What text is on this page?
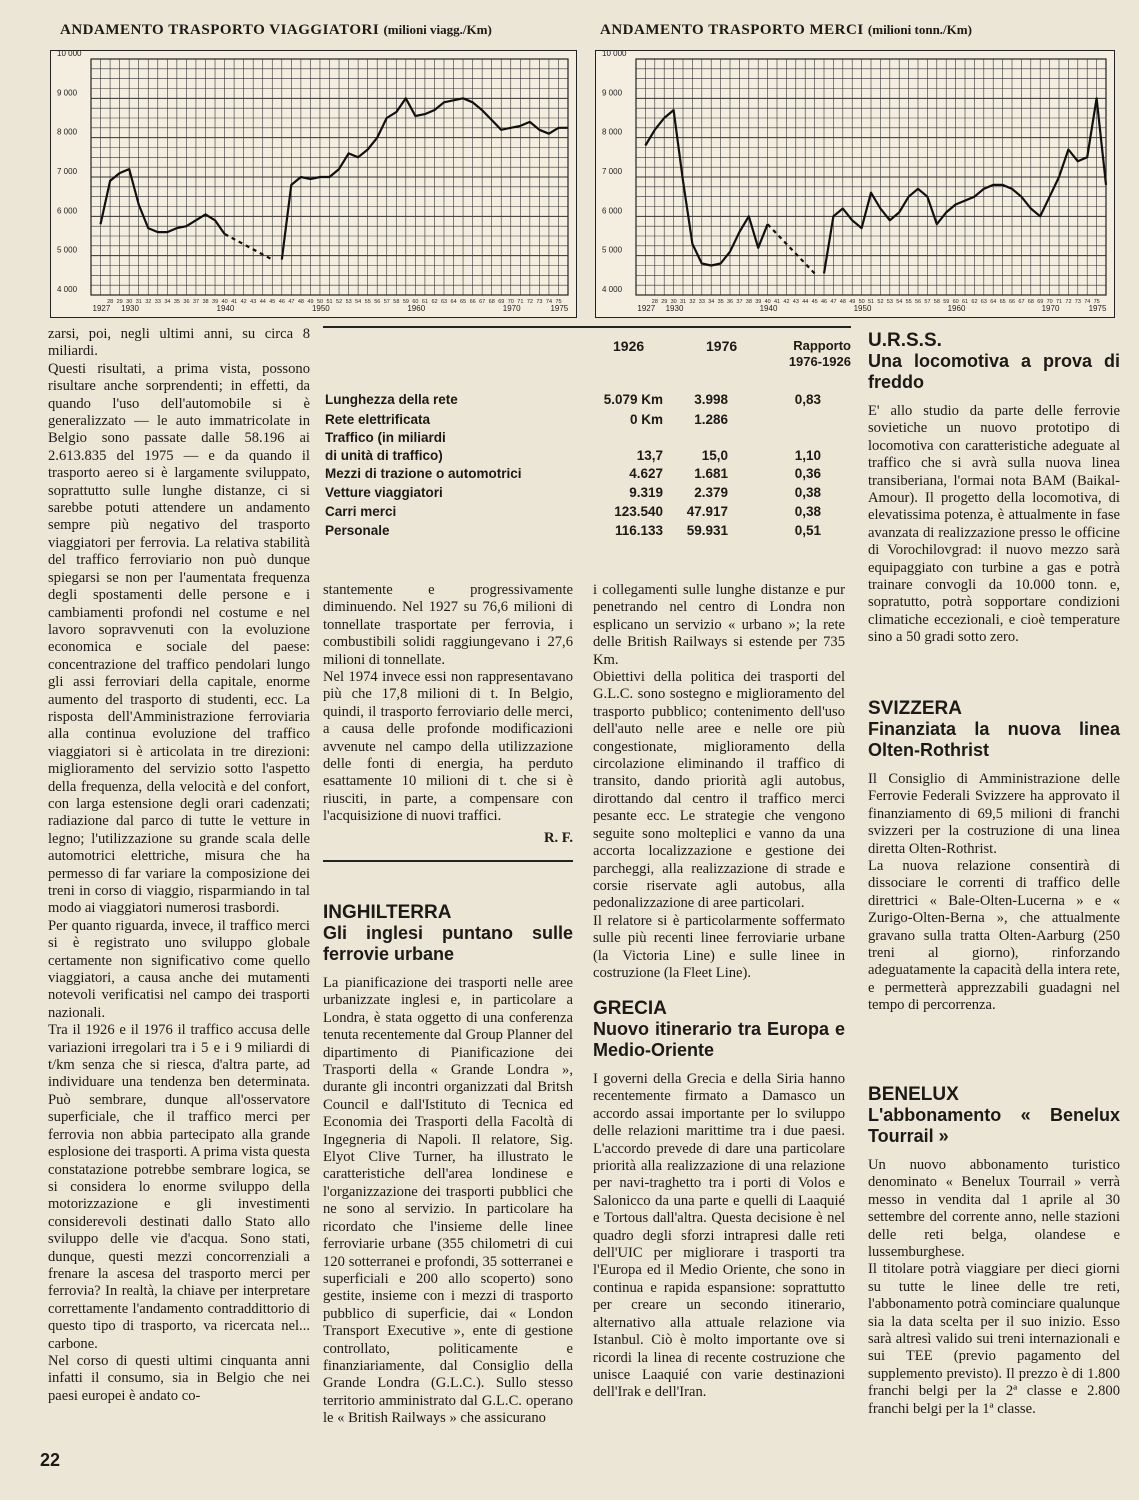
ANDAMENTO TRASPORTO VIAGGIATORI (milioni viagg./Km)	ANDAMENTO TRASPORTO MERCI (milioni tonn./Km)
10 000
9 000
8 000
7 000
6 000
5 000
4 000
1927 1930	1940	1950	1960	1970	1975
28 29 30 31 32 33 34 35 36 37 38 39 40 41 42 43 44 45 46 47 48 49 50 51 52 53 54 55 56 57 58 59 60 61 62 63 64 65 66 67 68 69 70 71 72 73 74 75
10 000
9 000
8 000
7 000
6 000
5 000
4 000
1927 1930	1940	1950	1960	1970	1975
28 29 30 31 32 33 34 35 36 37 38 39 40 41 42 43 44 45 46 47 48 49 50 51 52 53 54 55 56 57 58 59 60 61 62 63 64 65 66 67 68 69 70 71 72 73 74 75

zarsi, poi, negli ultimi anni, su circa 8 miliardi.

Questi risultati, a prima vista, possono risultare anche sorprendenti; in effetti, da quando l'uso dell'automobile si è generalizzato — le auto immatricolate in Belgio sono passate dalle 58.196 ai 2.613.835 del 1975 — e da quando il trasporto aereo si è largamente sviluppato, soprattutto sulle lunghe distanze, ci si sarebbe potuti attendere un andamento sempre più negativo del trasporto viaggiatori per ferrovia. La relativa stabilità del traffico ferroviario non può dunque spiegarsi se non per l'aumentata frequenza degli spostamenti delle persone e i cambiamenti profondi nel costume e nel lavoro sopravvenuti con la evoluzione economica e sociale del paese: concentrazione del traffico pendolari lungo gli assi ferroviari della capitale, enorme aumento del trasporto di studenti, ecc. La risposta dell'Amministrazione ferroviaria alla continua evoluzione del traffico viaggiatori si è articolata in tre direzioni: miglioramento del servizio sotto l'aspetto della frequenza, della velocità e del confort, con larga estensione degli orari cadenzati; radiazione dal parco di tutte le vetture in legno; l'utilizzazione su grande scala delle automotrici elettriche, misura che ha permesso di far variare la composizione dei treni in corso di viaggio, risparmiando in tal modo ai viaggiatori numerosi trasbordi.

Per quanto riguarda, invece, il traffico merci si è registrato uno sviluppo globale certamente non significativo come quello viaggiatori, a causa anche dei mutamenti notevoli verificatisi nel campo dei trasporti nazionali.

Tra il 1926 e il 1976 il traffico accusa delle variazioni irregolari tra i 5 e i 9 miliardi di t/km senza che si riesca, d'altra parte, ad individuare una tendenza ben determinata. Può sembrare, dunque all'osservatore superficiale, che il traffico merci per ferrovia non abbia partecipato alla grande esplosione dei trasporti. A prima vista questa constatazione potrebbe sembrare logica, se si considera lo enorme sviluppo della motorizzazione e gli investimenti considerevoli destinati dallo Stato allo sviluppo delle vie d'acqua. Sono stati, dunque, questi mezzi concorrenziali a frenare la ascesa del trasporto merci per ferrovia? In realtà, la chiave per interpretare correttamente l'andamento contraddittorio di questo tipo di trasporto, va ricercata nel... carbone.

Nel corso di questi ultimi cinquanta anni infatti il consumo, sia in Belgio che nei paesi europei è andato co-

1926	1976	Rapporto 1976-1926
Lunghezza della rete	5.079 Km	3.998	0,83
Rete elettrificata	0 Km	1.286
Traffico (in miliardi
di unità di traffico)	13,7	15,0	1,10
Mezzi di trazione o automotrici	4.627	1.681	0,36
Vetture viaggiatori	9.319	2.379	0,38
Carri merci	123.540	47.917	0,38
Personale	116.133	59.931	0,51

stantemente e progressivamente diminuendo. Nel 1927 su 76,6 milioni di tonnellate trasportate per ferrovia, i combustibili solidi raggiungevano i 27,6 milioni di tonnellate.

Nel 1974 invece essi non rappresentavano più che 17,8 milioni di t. In Belgio, quindi, il trasporto ferroviario delle merci, a causa delle profonde modificazioni avvenute nel campo della utilizzazione delle fonti di energia, ha perduto esattamente 10 milioni di t. che si è riusciti, in parte, a compensare con l'acquisizione di nuovi traffici.

R. F.
INGHILTERRA
Gli inglesi puntano sulle ferrovie urbane

La pianificazione dei trasporti nelle aree urbanizzate inglesi e, in particolare a Londra, è stata oggetto di una conferenza tenuta recentemente dal Group Planner del dipartimento di Pianificazione dei Trasporti della « Grande Londra », durante gli incontri organizzati dal Britsh Council e dall'Istituto di Tecnica ed Economia dei Trasporti della Facoltà di Ingegneria di Napoli. Il relatore, Sig. Elyot Clive Turner, ha illustrato le caratteristiche dell'area londinese e l'organizzazione dei trasporti pubblici che ne sono al servizio. In particolare ha ricordato che l'insieme delle linee ferroviarie urbane (355 chilometri di cui 120 sotterranei e profondi, 35 sotterranei e superficiali e 200 allo scoperto) sono gestite, insieme con i mezzi di trasporto pubblico di superficie, dai « London Transport Executive », ente di gestione controllato, politicamente e finanziariamente, dal Consiglio della Grande Londra (G.L.C.). Sullo stesso territorio amministrato dal G.L.C. operano le « British Railways » che assicurano

i collegamenti sulle lunghe distanze e pur penetrando nel centro di Londra non esplicano un servizio « urbano »; la rete delle British Railways si estende per 735 Km.

Obiettivi della politica dei trasporti del G.L.C. sono sostegno e miglioramento del trasporto pubblico; contenimento dell'uso dell'auto nelle aree e nelle ore più congestionate, miglioramento della circolazione eliminando il traffico di transito, dando priorità agli autobus, dirottando dal centro il traffico merci pesante ecc. Le strategie che vengono seguite sono molteplici e vanno da una accorta localizzazione e gestione dei parcheggi, alla realizzazione di strade e corsie riservate agli autobus, alla pedonalizzazione di aree particolari.

Il relatore si è particolarmente soffermato sulle più recenti linee ferroviarie urbane (la Victoria Line) e sulle linee in costruzione (la Fleet Line).

GRECIA
Nuovo itinerario tra Europa e Medio-Oriente

I governi della Grecia e della Siria hanno recentemente firmato a Damasco un accordo assai importante per lo sviluppo delle relazioni marittime tra i due paesi. L'accordo prevede di dare una particolare priorità alla realizzazione di una relazione per navi-traghetto tra i porti di Volos e Salonicco da una parte e quelli di Laaquié e Tortous dall'altra. Questa decisione è nel quadro degli sforzi intrapresi dalle reti dell'UIC per migliorare i trasporti tra l'Europa ed il Medio Oriente, che sono in continua e rapida espansione: soprattutto per creare un secondo itinerario, alternativo alla attuale relazione via Istanbul. Ciò è molto importante ove si ricordi la linea di recente costruzione che unisce Laaquié con varie destinazioni dell'Irak e dell'Iran.

U.R.S.S.
Una locomotiva a prova di freddo

E' allo studio da parte delle ferrovie sovietiche un nuovo prototipo di locomotiva con caratteristiche adeguate al traffico che si avrà sulla nuova linea transiberiana, l'ormai nota BAM (Baikal-Amour). Il progetto della locomotiva, di elevatissima potenza, è attualmente in fase avanzata di realizzazione presso le officine di Vorochilovgrad: il nuovo mezzo sarà equipaggiato con turbine a gas e potrà trainare convogli da 10.000 tonn. e, sopratutto, potrà sopportare condizioni climatiche eccezionali, e cioè temperature sino a 50 gradi sotto zero.

SVIZZERA
Finanziata la nuova linea Olten-Rothrist

Il Consiglio di Amministrazione delle Ferrovie Federali Svizzere ha approvato il finanziamento di 69,5 milioni di franchi svizzeri per la costruzione di una linea diretta Olten-Rothrist.

La nuova relazione consentirà di dissociare le correnti di traffico delle direttrici « Bale-Olten-Lucerna » e « Zurigo-Olten-Berna », che attualmente gravano sulla tratta Olten-Aarburg (250 treni al giorno), rinforzando adeguatamente la capacità della intera rete, e permetterà apprezzabili guadagni nel tempo di percorrenza.

BENELUX
L'abbonamento « Benelux Tourrail »

Un nuovo abbonamento turistico denominato « Benelux Tourrail » verrà messo in vendita dal 1 aprile al 30 settembre del corrente anno, nelle stazioni delle reti belga, olandese e lussemburghese.

Il titolare potrà viaggiare per dieci giorni su tutte le linee delle tre reti, l'abbonamento potrà cominciare qualunque sia la data scelta per il suo inizio. Esso sarà altresì valido sui treni internazionali e sui TEE (previo pagamento del supplemento previsto). Il prezzo è di 1.800 franchi belgi per la 2ª classe e 2.800 franchi belgi per la 1ª classe.

22
